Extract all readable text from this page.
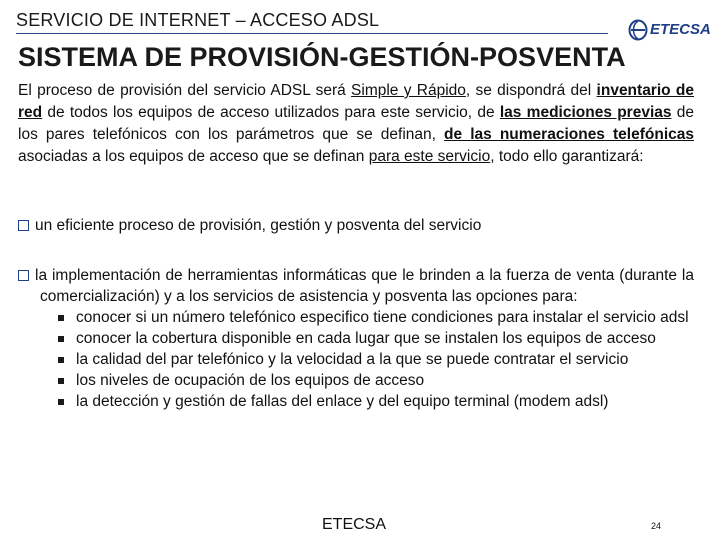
SERVICIO DE INTERNET – ACCESO ADSL	ETECSA
SISTEMA DE PROVISIÓN-GESTIÓN-POSVENTA
El proceso de provisión del servicio ADSL será Simple y Rápido, se dispondrá del inventario de red de todos los equipos de acceso utilizados para este servicio, de las mediciones previas de los pares telefónicos con los parámetros que se definan, de las numeraciones telefónicas asociadas a los equipos de acceso que se definan para este servicio, todo ello garantizará:
un eficiente proceso de provisión, gestión y posventa del servicio
la implementación de herramientas informáticas que le brinden a la fuerza de venta (durante la comercialización) y a los servicios de asistencia y posventa las opciones para:
conocer si un número telefónico especifico tiene condiciones para instalar el servicio adsl
conocer la cobertura disponible en cada lugar que se instalen los equipos de acceso
la calidad del par telefónico y la velocidad a la que se puede contratar el servicio
los niveles de ocupación de los equipos de acceso
la detección y gestión de fallas del enlace y del equipo terminal (modem adsl)
ETECSA	24
